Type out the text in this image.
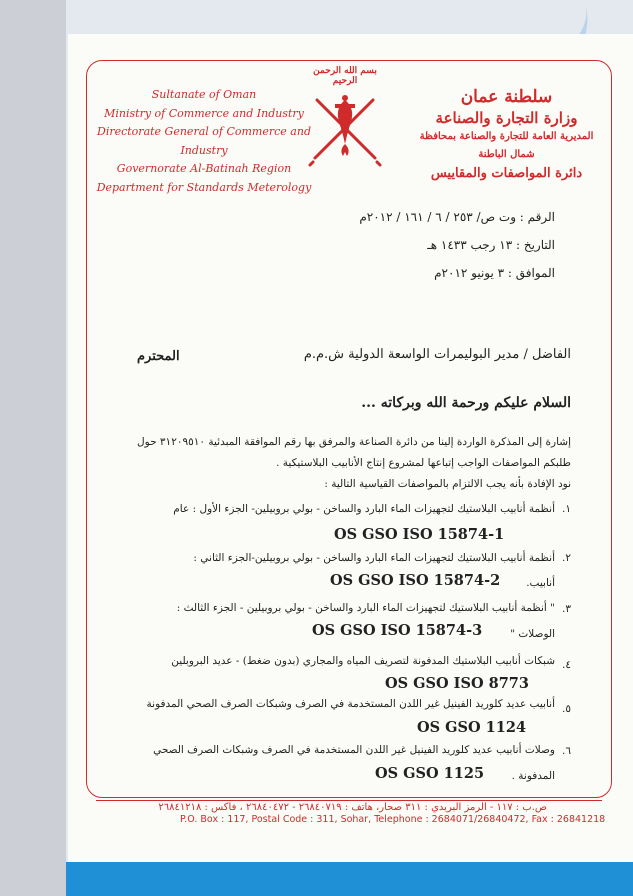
Sultanate of Oman
Ministry of Commerce and Industry
Directorate General of Commerce and Industry
Governorate Al-Batinah Region
Department for Standards Meterology
بسم الله الرحمن الرحيم
سلطنة عمان
وزارة التجارة والصناعة
المديرية العامة للتجارة والصناعة بمحافظة شمال الباطنة
دائرة المواصفات والمقاييس
الرقم : وت ص/ ٢٥٣ / ٦ / ١٦١ / ٢٠١٢م
التاريخ : ١٣ رجب ١٤٣٣ هـ
الموافق : ٣ يونيو ٢٠١٢م
الفاضل / مدير البوليمرات الواسعة الدولية ش.م.م
المحترم
السلام عليكم ورحمة الله وبركاته ...
إشارة إلى المذكرة الواردة إلينا من دائرة الصناعة والمرفق بها رقم الموافقة المبدئية ٣١٢٠٩٥١٠ حول
طلبكم المواصفات الواجب إتباعها لمشروع إنتاج الأنابيب البلاستيكية .
نود الإفادة بأنه يجب الالتزام بالمواصفات القياسية التالية :
١.
أنظمة أنابيب البلاستيك لتجهيزات الماء البارد والساخن - بولي بروبيلين- الجزء الأول : عام
OS GSO ISO 15874-1
٢.
أنظمة أنابيب البلاستيك لتجهيزات الماء البارد والساخن - بولي بروبيلين-الجزء الثاني :
أنابيب.
OS GSO ISO 15874-2
٣.
" أنظمة أنابيب البلاستيك لتجهيزات الماء البارد والساخن - بولي بروبيلين - الجزء الثالث :
الوصلات "
OS GSO ISO 15874-3
٤.
شبكات أنابيب البلاستيك المدفونة لتصريف المياه والمجاري (بدون ضغط) - عديد البروبلين
OS GSO ISO 8773
٥.
أنابيب عديد كلوريد الفينيل غير اللدن المستخدمة في الصرف وشبكات الصرف الصحي المدفونة
OS GSO 1124
٦.
وصلات أنابيب عديد كلوريد الفينيل غير اللدن المستخدمة في الصرف وشبكات الصرف الصحي
المدفونة .
OS GSO 1125
ص.ب : ١١٧ - الرمز البريدي : ٣١١ صحار، هاتف : ٢٦٨٤٠٧١٩ - ٢٦٨٤٠٤٧٢ ، فاكس : ٢٦٨٤١٢١٨
P.O. Box : 117, Postal Code : 311, Sohar, Telephone : 2684071/26840472, Fax : 26841218
